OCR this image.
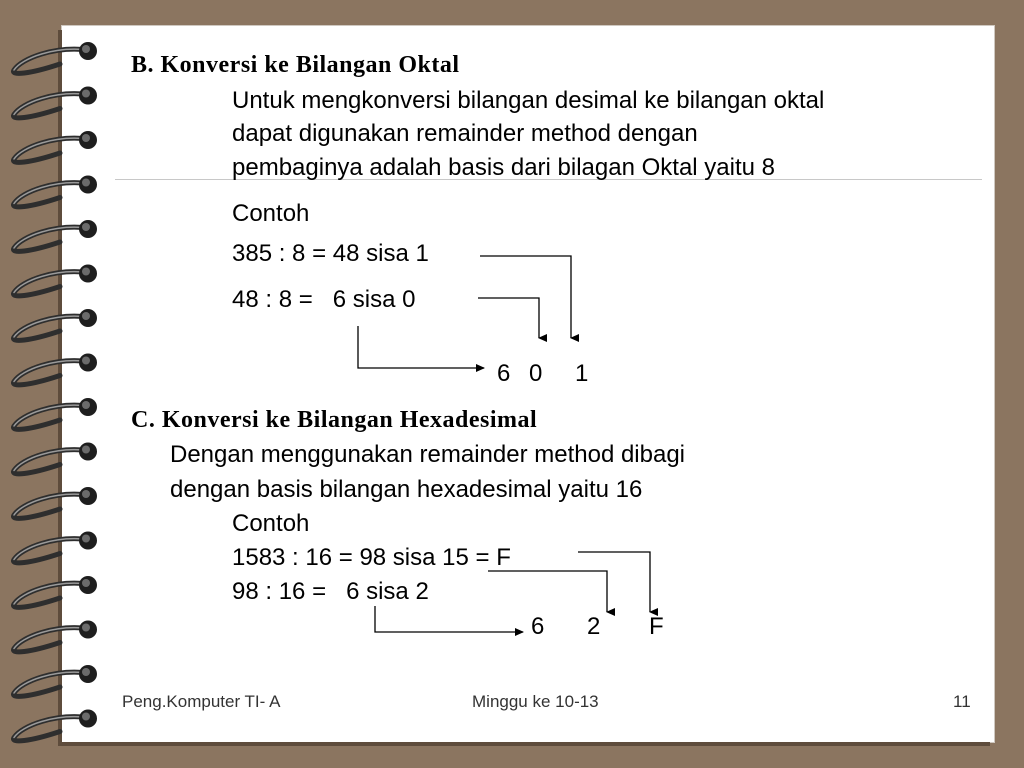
B. Konversi ke Bilangan Oktal
Untuk mengkonversi bilangan desimal ke bilangan oktal
dapat digunakan remainder method dengan
pembaginya adalah basis dari bilagan Oktal yaitu 8
Contoh
385 : 8 = 48 sisa 1
48 : 8 =   6 sisa 0
6 0 1
C. Konversi ke Bilangan Hexadesimal
Dengan menggunakan remainder method dibagi
dengan basis bilangan hexadesimal yaitu 16
Contoh
1583 : 16 = 98 sisa 15 = F
98 : 16 =   6 sisa 2
6 2 F
Peng.Komputer TI- A	Minggu ke 10-13	11
